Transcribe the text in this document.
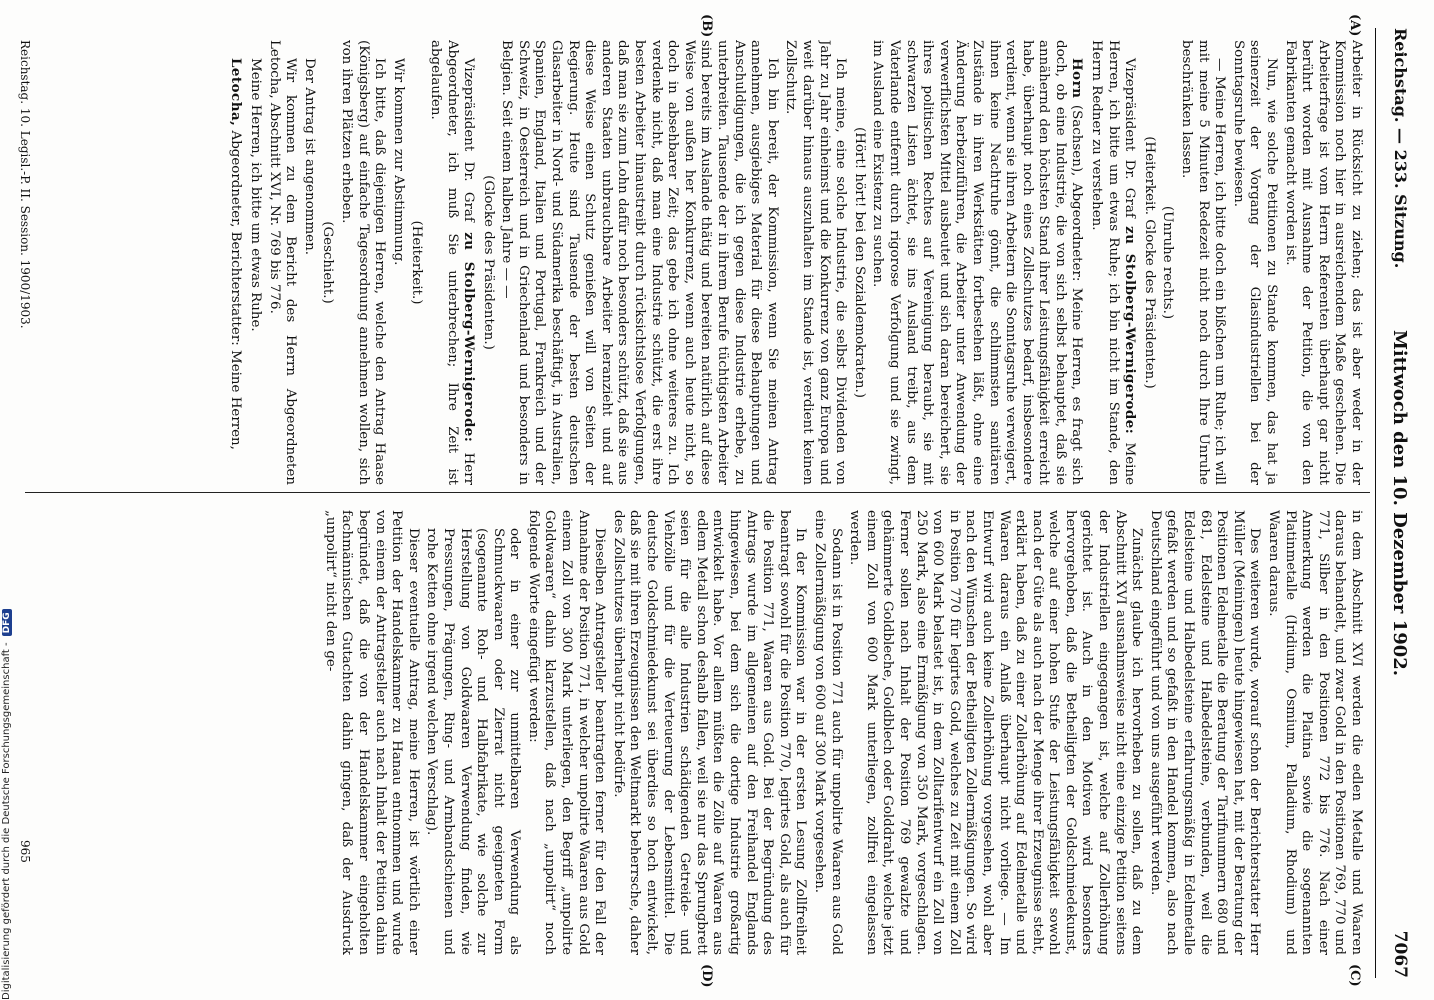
Reichstag. — 233. Sitzung.
Mittwoch den 10. Dezember 1902.
7067
(A)
(B)
(C)
(D)

Arbeiter in Rücksicht zu ziehen; das ist aber weder in der Kommission noch hier in ausreichendem Maße geschehen. Die Arbeiterfrage ist vom Herrn Referenten überhaupt gar nicht berührt worden mit Ausnahme der Petition, die von den Fabrikanten gemacht worden ist.

Nun, wie solche Petitionen zu Stande kommen, das hat ja seinerzeit der Vorgang der Glasindustriellen bei der Sonntagsruhe bewiesen.

— Meine Herren, ich bitte doch ein bißchen um Ruhe; ich will mit meine 5 Minuten Redezeit nicht noch durch Ihre Unruhe beschränken lassen.

(Unruhe rechts.)

(Heiterkeit. Glocke des Präsidenten.)

Vizepräsident Dr. Graf zu Stolberg-Wernigerode: Meine Herren, ich bitte um etwas Ruhe; ich bin nicht im Stande, den Herrn Redner zu verstehen.

Horn (Sachsen), Abgeordneter: Meine Herren, es fragt sich doch, ob eine Industrie, die von sich selbst behauptet, daß sie annähernd den höchsten Stand ihrer Leistungsfähigkeit erreicht habe, überhaupt noch eines Zollschutzes bedarf, insbesondere verdient, wenn sie ihren Arbeitern die Sonntagsruhe verweigert, ihnen keine Nachtruhe gönnt, die schlimmsten sanitären Zustände in ihren Werkstätten fortbestehen läßt, ohne eine Änderung herbeizuführen, die Arbeiter unter Anwendung der verwerflichsten Mittel ausbeutet und sich daran bereichert, sie ihres politischen Rechtes auf Vereinigung beraubt, sie mit schwarzen Listen ächtet, sie ins Ausland treibt, aus dem Vaterlande entfernt durch rigorose Verfolgung und sie zwingt, im Ausland eine Existenz zu suchen.

(Hört! hört! bei den Sozialdemokraten.)

Ich meine, eine solche Industrie, die selbst Dividenden von Jahr zu Jahr einheimst und die Konkurrenz von ganz Europa und weit darüber hinaus auszuhalten im Stande ist, verdient keinen Zollschutz.

Ich bin bereit, der Kommission, wenn Sie meinen Antrag annehmen, ausgiebiges Material für diese Behauptungen und Anschuldigungen, die ich gegen diese Industrie erhebe, zu unterbreiten. Tausende der in ihrem Berufe tüchtigsten Arbeiter sind bereits im Auslande thätig und bereiten natürlich auf diese Weise von außen her Konkurrenz, wenn auch heute nicht, so doch in absehbarer Zeit; das gebe ich ohne weiteres zu. Ich verdenke nicht, daß man eine Industrie schützt, die erst ihre besten Arbeiter hinaustreibt durch rücksichtslose Verfolgungen, daß man sie zum Lohn dafür noch besonders schützt, daß sie aus anderen Staaten unbrauchbare Arbeiter heranzieht und auf diese Weise einen Schutz genießen will von Seiten der Regierung. Heute sind Tausende der besten deutschen Glasarbeiter in Nord- und Südamerika beschäftigt, in Australien, Spanien, England, Italien und Portugal, Frankreich und der Schweiz, in Oesterreich und in Griechenland und besonders in Belgien. Seit einem halben Jahre — —

(Glocke des Präsidenten.)

Vizepräsident Dr. Graf zu Stolberg-Wernigerode: Herr Abgeordneter, ich muß Sie unterbrechen; Ihre Zeit ist abgelaufen.

(Heiterkeit.)

Wir kommen zur Abstimmung.

Ich bitte, daß diejenigen Herren, welche den Antrag Haase (Königsberg) auf einfache Tagesordnung annehmen wollen, sich von ihren Plätzen erheben.

(Geschieht.)

Der Antrag ist angenommen.

Wir kommen zu dem Bericht des Herrn Abgeordneten Letocha, Abschnitt XVI, Nr. 769 bis 776.

Meine Herren, ich bitte um etwas Ruhe.

Letocha, Abgeordneter, Berichterstatter: Meine Herren,

in dem Abschnitt XVI werden die edlen Metalle und Waaren daraus behandelt, und zwar Gold in den Positionen 769, 770 und 771, Silber in den Positionen 772 bis 776. Nach einer Anmerkung werden die Platina sowie die sogenannten Platinmetalle (Iridium, Osmium, Palladium, Rhodium) und Waaren daraus.

Des weiteren wurde, worauf schon der Berichterstatter Herr Müller (Meiningen) heute hingewiesen hat, mit der Beratung der Positionen Edelmetalle die Beratung der Tarifnummern 680 und 681, Edelsteine und Halbedelsteine, verbunden, weil die Edelsteine und Halbedelsteine erfahrungsmäßig in Edelmetalle gefaßt werden und so gefaßt in den Handel kommen, also nach Deutschland eingeführt und von uns ausgeführt werden.

Zunächst glaube ich hervorheben zu sollen, daß zu dem Abschnitt XVI ausnahmsweise nicht eine einzige Petition seitens der Industriellen eingegangen ist, welche auf Zollerhöhung gerichtet ist. Auch in den Motiven wird besonders hervorgehoben, daß die Betheiligten der Goldschmiedekunst, welche auf einer hohen Stufe der Leistungsfähigkeit sowohl nach der Güte als auch nach der Menge ihrer Erzeugnisse steht, erklärt haben, daß zu einer Zollerhöhung auf Edelmetalle und Waaren daraus ein Anlaß überhaupt nicht vorliege. — Im Entwurf wird auch keine Zollerhöhung vorgesehen, wohl aber nach den Wünschen der Betheiligten Zollermäßigungen. So wird in Position 770 für legirtes Gold, welches zu Zeit mit einem Zoll von 600 Mark belastet ist, in dem Zolltarifentwurf ein Zoll von 250 Mark, also eine Ermäßigung von 350 Mark, vorgeschlagen. Ferner sollen nach Inhalt der Position 769 gewalzte und gehämmerte Goldbleche, Goldblech oder Golddraht, welche jetzt einem Zoll von 600 Mark unterliegen, zollfrei eingelassen werden.

Sodann ist in Position 771 auch für unpolirte Waaren aus Gold eine Zollermäßigung von 600 auf 300 Mark vorgesehen.

In der Kommission war in der ersten Lesung Zollfreiheit beantragt sowohl für die Position 770, legirtes Gold, als auch für die Position 771, Waaren aus Gold. Bei der Begründung des Antrags wurde im allgemeinen auf den Freihandel Englands hingewiesen, bei dem sich die dortige Industrie großartig entwickelt habe. Vor allem müßten die Zölle auf Waaren aus edlem Metall schon deshalb fallen, weil sie nur das Sprungbrett seien für die alle Industrien schädigenden Getreide- und Viehzölle und für die Verteuerung der Lebensmittel. Die deutsche Goldschmiedekunst sei überdies so hoch entwickelt, daß sie mit ihren Erzeugnissen den Weltmarkt beherrsche, daher des Zollschutzes überhaupt nicht bedürfe.

Dieselben Antragsteller beantragten ferner für den Fall der Annahme der Position 771, in welcher unpolirte Waaren aus Gold einem Zoll von 300 Mark unterliegen, den Begriff „unpolirte Goldwaaren“ dahin klarzustellen, daß nach „unpolirt“ noch folgende Worte eingefügt werden:

oder in einer zur unmittelbaren Verwendung als Schmuckwaaren oder Zierrat nicht geeigneten Form (sogenannte Roh- und Halbfabrikate, wie solche zur Herstellung von Goldwaaren Verwendung finden, wie Pressungen, Prägungen, Ring- und Armbandschienen und rohe Ketten ohne irgend welchen Verschlag).

Dieser eventuelle Antrag, meine Herren, ist wörtlich einer Petition der Handelskammer zu Hanau entnommen und wurde von einem der Antragsteller auch nach Inhalt der Petition dahin begründet, daß die von der Handelskammer eingeholten fachmännischen Gutachten dahin gingen, daß der Ausdruck „unpolirt“ nicht den ge-

Reichstag. 10. Legisl.-P. II. Session. 1900/1903.
965
Digitalisierung gefördert durch die Deutsche Forschungsgemeinschaft -DFG
